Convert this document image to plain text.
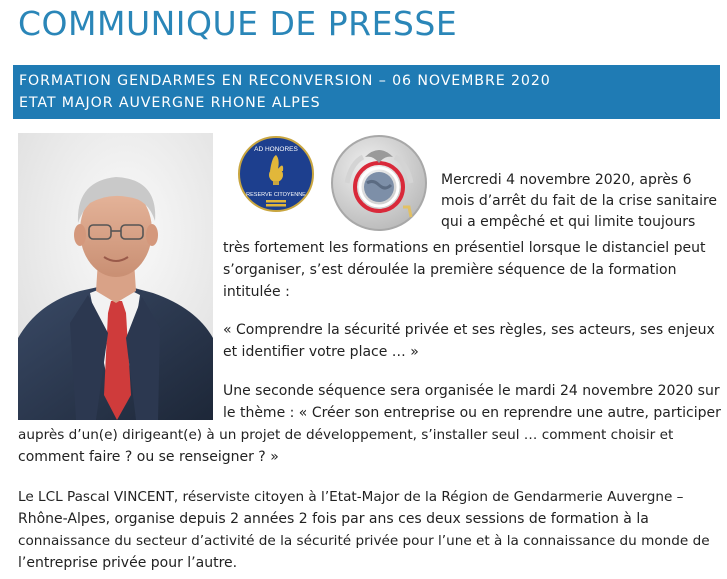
COMMUNIQUE DE PRESSE
FORMATION GENDARMES EN RECONVERSION – 06 NOVEMBRE 2020
ETAT MAJOR AUVERGNE RHONE ALPES
AD HONORES
RESERVE CITOYENNE

Mercredi 4 novembre 2020, après 6

mois d’arrêt du fait de la crise sanitaire

qui a empêché et qui limite toujours

très fortement les formations en présentiel lorsque le distanciel peut

s’organiser, s’est déroulée la première séquence de la formation

intitulée :

« Comprendre la sécurité privée et ses règles, ses acteurs, ses enjeux

et identifier votre place … »

Une seconde séquence sera organisée le mardi 24 novembre 2020 sur

le thème : « Créer son entreprise ou en reprendre une autre, participer

auprès d’un(e) dirigeant(e) à un projet de développement, s’installer seul … comment choisir et

comment faire ? ou se renseigner ? »

Le LCL Pascal VINCENT, réserviste citoyen à l’Etat-Major de la Région de Gendarmerie Auvergne –

Rhône-Alpes, organise depuis 2 années 2 fois par ans ces deux sessions de formation à la

connaissance du secteur d’activité de la sécurité privée pour l’une et à la connaissance du monde de

l’entreprise privée pour l’autre.
